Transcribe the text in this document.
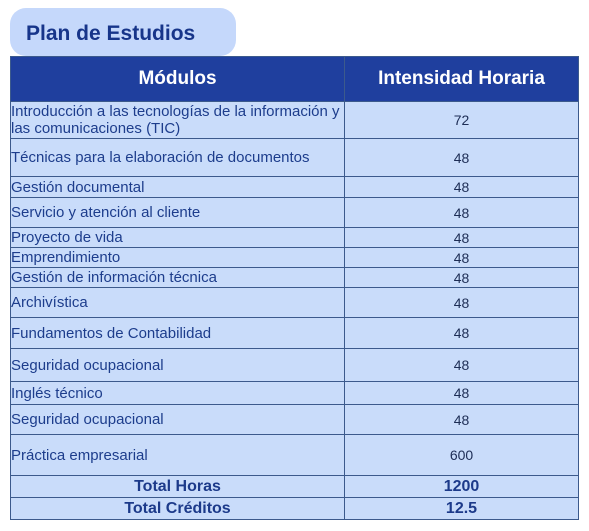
Plan de Estudios
Módulos	Intensidad Horaria
Introducción a las tecnologías de la información y las comunicaciones (TIC)	72
Técnicas para la elaboración de documentos	48
Gestión documental	48
Servicio y atención al cliente	48
Proyecto de vida	48
Emprendimiento	48
Gestión de información técnica	48
Archivística	48
Fundamentos de Contabilidad	48
Seguridad ocupacional	48
Inglés técnico	48
Seguridad ocupacional	48
Práctica empresarial	600
Total Horas	1200
Total Créditos	12.5
